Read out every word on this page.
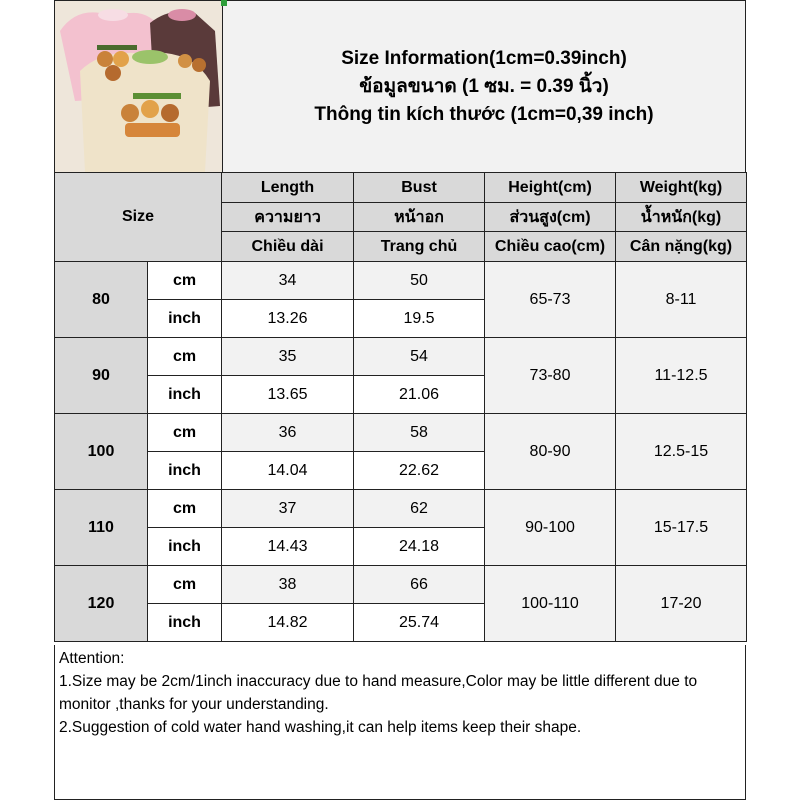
Size Information(1cm=0.39inch)
ข้อมูลขนาด (1 ซม. = 0.39 นิ้ว)
Thông tin kích thước (1cm=0,39 inch)
Size		Length	Bust	Height(cm)	Weight(kg)
		ความยาว	หน้าอก	ส่วนสูง(cm)	น้ำหนัก(kg)
		Chiều dài	Trang chủ	Chiều cao(cm)	Cân nặng(kg)
80	cm	34	50	65-73	8-11
	inch	13.26	19.5		
90	cm	35	54	73-80	11-12.5
	inch	13.65	21.06		
100	cm	36	58	80-90	12.5-15
	inch	14.04	22.62		
110	cm	37	62	90-100	15-17.5
	inch	14.43	24.18		
120	cm	38	66	100-110	17-20
	inch	14.82	25.74		
Attention:
1.Size may be 2cm/1inch inaccuracy due to hand measure,Color may be little different due to monitor ,thanks for your understanding.
2.Suggestion of cold water hand washing,it can help items keep their shape.
